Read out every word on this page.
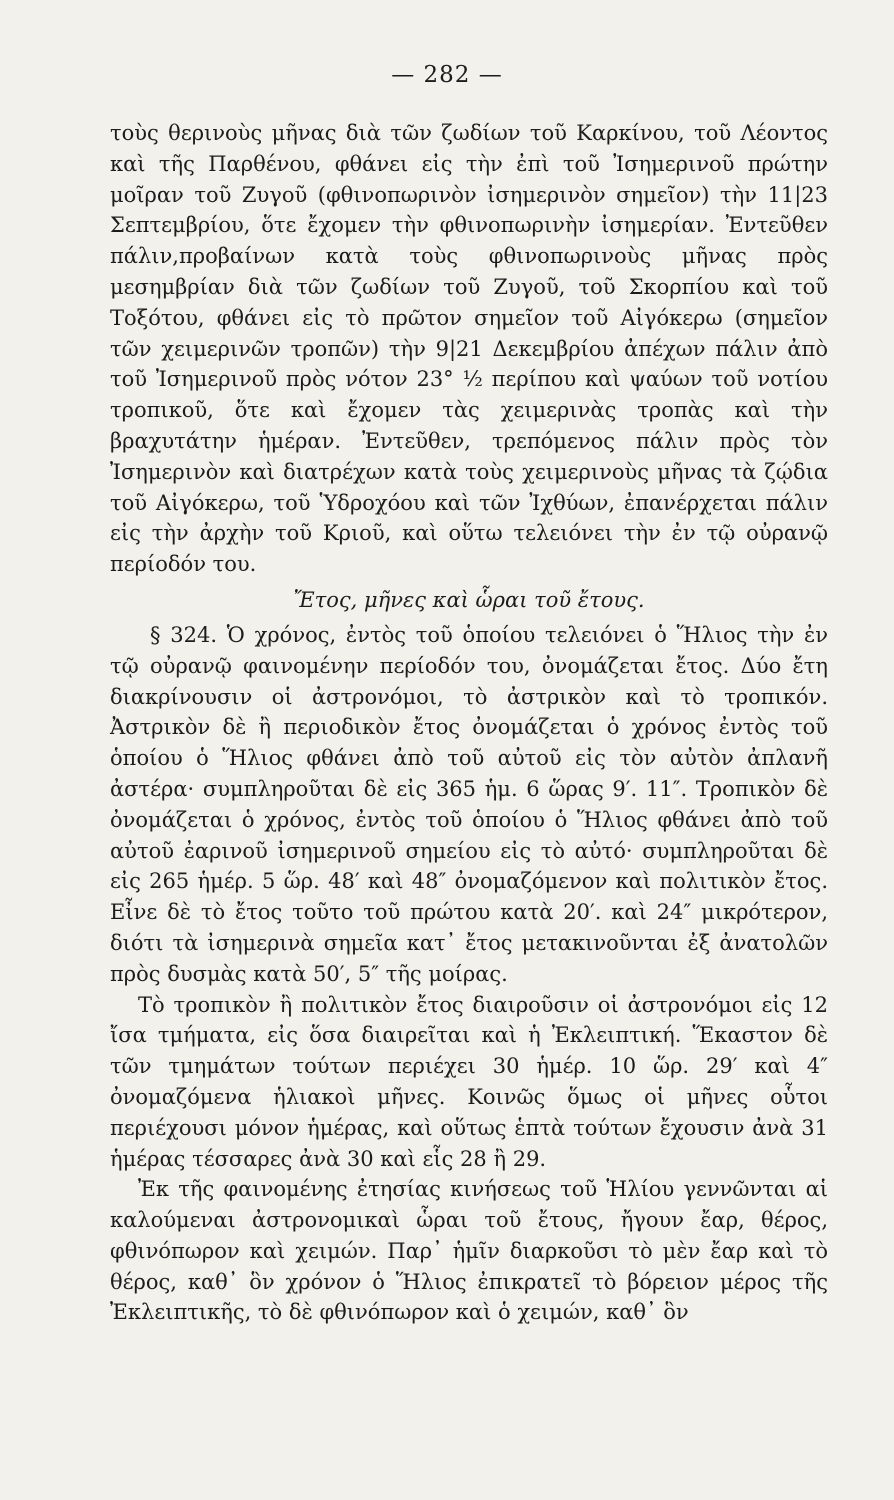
— 282 —

τοὺς θερινοὺς μῆνας διὰ τῶν ζωδίων τοῦ Καρκίνου, τοῦ Λέοντος καὶ τῆς Παρθένου, φθάνει εἰς τὴν ἐπὶ τοῦ Ἰσημερινοῦ πρώτην μοῖραν τοῦ Ζυγοῦ (φθινοπωρινὸν ἰσημερινὸν σημεῖον) τὴν 11|23 Σεπτεμβρίου, ὅτε ἔχομεν τὴν φθινοπωρινὴν ἰσημερίαν. Ἐντεῦθεν πάλιν,προβαίνων κατὰ τοὺς φθινοπωρινοὺς μῆνας πρὸς μεσημβρίαν διὰ τῶν ζωδίων τοῦ Ζυγοῦ, τοῦ Σκορπίου καὶ τοῦ Τοξότου, φθάνει εἰς τὸ πρῶτον σημεῖον τοῦ Αἰγόκερω (σημεῖον τῶν χειμερινῶν τροπῶν) τὴν 9|21 Δεκεμβρίου ἀπέχων πάλιν ἀπὸ τοῦ Ἰσημερινοῦ πρὸς νότον 23° ½ περίπου καὶ ψαύων τοῦ νοτίου τροπικοῦ, ὅτε καὶ ἔχομεν τὰς χειμερινὰς τροπὰς καὶ τὴν βραχυτάτην ἡμέραν. Ἐντεῦθεν, τρεπόμενος πάλιν πρὸς τὸν Ἰσημερινὸν καὶ διατρέχων κατὰ τοὺς χειμερινοὺς μῆνας τὰ ζῴδια τοῦ Αἰγόκερω, τοῦ Ὑδροχόου καὶ τῶν Ἰχθύων, ἐπανέρχεται πάλιν εἰς τὴν ἀρχὴν τοῦ Κριοῦ, καὶ οὕτω τελειόνει τὴν ἐν τῷ οὐρανῷ περίοδόν του.

Ἔτος, μῆνες καὶ ὧραι τοῦ ἔτους.

§ 324. Ὁ χρόνος, ἐντὸς τοῦ ὁποίου τελειόνει ὁ Ἥλιος τὴν ἐν τῷ οὐρανῷ φαινομένην περίοδόν του, ὀνομάζεται ἔτος. Δύο ἔτη διακρίνουσιν οἱ ἀστρονόμοι, τὸ ἀστρικὸν καὶ τὸ τροπικόν. Ἀστρικὸν δὲ ἢ περιοδικὸν ἔτος ὀνομάζεται ὁ χρόνος ἐντὸς τοῦ ὁποίου ὁ Ἥλιος φθάνει ἀπὸ τοῦ αὐτοῦ εἰς τὸν αὐτὸν ἀπλανῆ ἀστέρα· συμπληροῦται δὲ εἰς 365 ἡμ. 6 ὥρας 9′. 11″. Τροπικὸν δὲ ὀνομάζεται ὁ χρόνος, ἐντὸς τοῦ ὁποίου ὁ Ἥλιος φθάνει ἀπὸ τοῦ αὐτοῦ ἐαρινοῦ ἰσημερινοῦ σημείου εἰς τὸ αὐτό· συμπληροῦται δὲ εἰς 265 ἡμέρ. 5 ὥρ. 48′ καὶ 48″ ὀνομαζόμενον καὶ πολιτικὸν ἔτος. Εἶνε δὲ τὸ ἔτος τοῦτο τοῦ πρώτου κατὰ 20′. καὶ 24″ μικρότερον, διότι τὰ ἰσημερινὰ σημεῖα κατ᾽ ἔτος μετακινοῦνται ἐξ ἀνατολῶν πρὸς δυσμὰς κατὰ 50′, 5″ τῆς μοίρας.

Τὸ τροπικὸν ἢ πολιτικὸν ἔτος διαιροῦσιν οἱ ἀστρονόμοι εἰς 12 ἴσα τμήματα, εἰς ὅσα διαιρεῖται καὶ ἡ Ἐκλειπτική. Ἕκαστον δὲ τῶν τμημάτων τούτων περιέχει 30 ἡμέρ. 10 ὥρ. 29′ καὶ 4″ ὀνομαζόμενα ἡλιακοὶ μῆνες. Κοινῶς ὅμως οἱ μῆνες οὗτοι περιέχουσι μόνον ἡμέρας, καὶ οὕτως ἑπτὰ τούτων ἔχουσιν ἀνὰ 31 ἡμέρας τέσσαρες ἀνὰ 30 καὶ εἷς 28 ἢ 29.

Ἐκ τῆς φαινομένης ἐτησίας κινήσεως τοῦ Ἡλίου γεννῶνται αἱ καλούμεναι ἀστρονομικαὶ ὧραι τοῦ ἔτους, ἤγουν ἔαρ, θέρος, φθινόπωρον καὶ χειμών. Παρ᾽ ἡμῖν διαρκοῦσι τὸ μὲν ἔαρ καὶ τὸ θέρος, καθ᾽ ὃν χρόνον ὁ Ἥλιος ἐπικρατεῖ τὸ βόρειον μέρος τῆς Ἐκλειπτικῆς, τὸ δὲ φθινόπωρον καὶ ὁ χειμών, καθ᾽ ὃν
